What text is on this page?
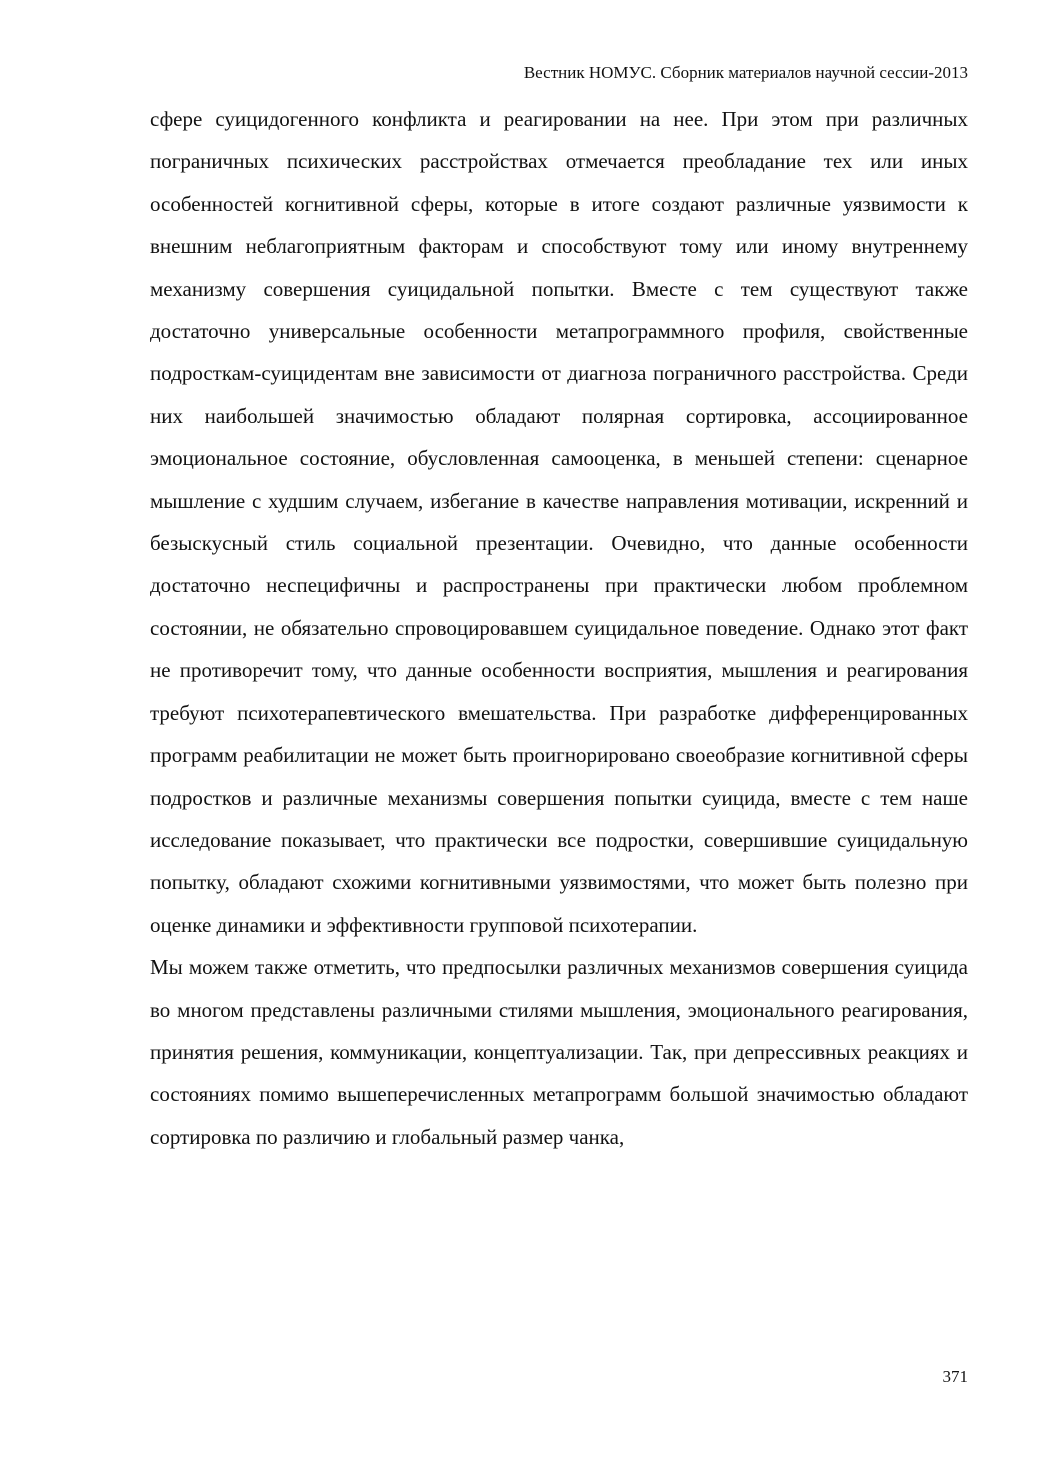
Вестник НОМУС. Сборник материалов научной сессии-2013

сфере суицидогенного конфликта и реагировании на нее. При этом при различных пограничных психических расстройствах отмечается преобладание тех или иных особенностей когнитивной сферы, которые в итоге создают различные уязвимости к внешним неблагоприятным факторам и способствуют тому или иному внутреннему механизму совершения суицидальной попытки. Вместе с тем существуют также достаточно универсальные особенности метапрограммного профиля, свойственные подросткам-суицидентам вне зависимости от диагноза пограничного расстройства. Среди них наибольшей значимостью обладают полярная сортировка, ассоциированное эмоциональное состояние, обусловленная самооценка, в меньшей степени: сценарное мышление с худшим случаем, избегание в качестве направления мотивации, искренний и безыскусный стиль социальной презентации. Очевидно, что данные особенности достаточно неспецифичны и распространены при практически любом проблемном состоянии, не обязательно спровоцировавшем суицидальное поведение. Однако этот факт не противоречит тому, что данные особенности восприятия, мышления и реагирования требуют психотерапевтического вмешательства. При разработке дифференцированных программ реабилитации не может быть проигнорировано своеобразие когнитивной сферы подростков и различные механизмы совершения попытки суицида, вместе с тем наше исследование показывает, что практически все подростки, совершившие суицидальную попытку, обладают схожими когнитивными уязвимостями, что может быть полезно при оценке динамики и эффективности групповой психотерапии.

Мы можем также отметить, что предпосылки различных механизмов совершения суицида во многом представлены различными стилями мышления, эмоционального реагирования, принятия решения, коммуникации, концептуализации. Так, при депрессивных реакциях и состояниях помимо вышеперечисленных метапрограмм большой значимостью обладают сортировка по различию и глобальный размер чанка,

371
